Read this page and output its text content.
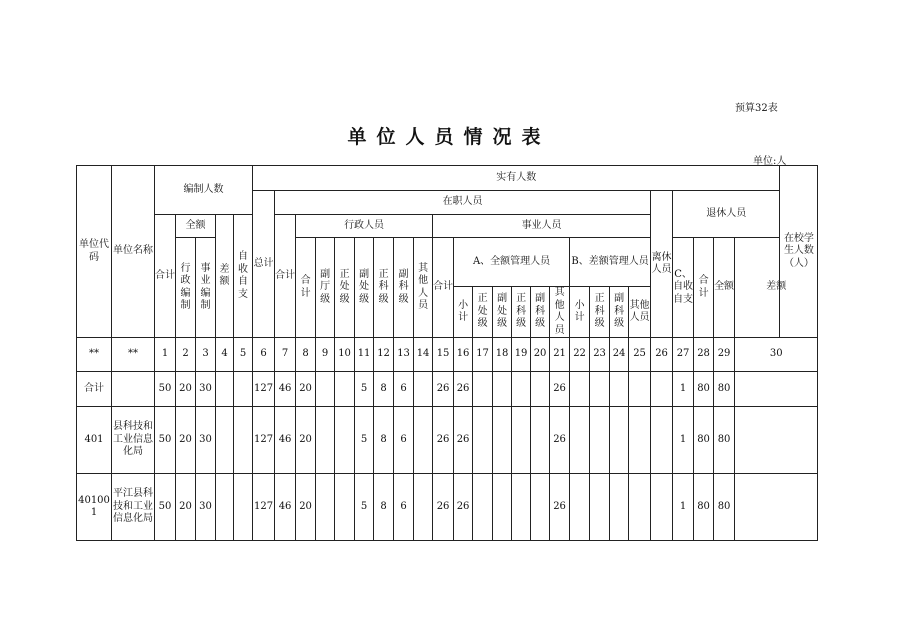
预算32表
单位人员情况表
单位:人
单位代码	单位名称	编制人数					实有人数																									在校学生人数（人）	
							总计	在职人员																			离休人员	退休人员					
		合计	全额		差额	自收自支		合计	行政人员							事业人员																	
			行政编制	事业编制					合计	副厅级	正处级	副处级	正科级	副科级	其他人员	合计	A、全额管理人员						B、差额管理人员					C、自收自支	合计	全额	差额		

																	小计	正处级	副处级	正科级	副科级	其他人员	小计	正科级	副科级	其他人员							

**	**	1	2	3	4	5	6	7	8	9	10	11	12	13	14	15	16	17	18	19	20	21	22	23	24	25	26	27	28	29	30	
合计		50	20	30			127	46	20			5	8	6		26	26					26						1	80	80			
401	县科技和工业信息化局	50	20	30			127	46	20			5	8	6		26	26					26						1	80	80			
401001	平江县科技和工业信息化局	50	20	30			127	46	20			5	8	6		26	26					26						1	80	80			
